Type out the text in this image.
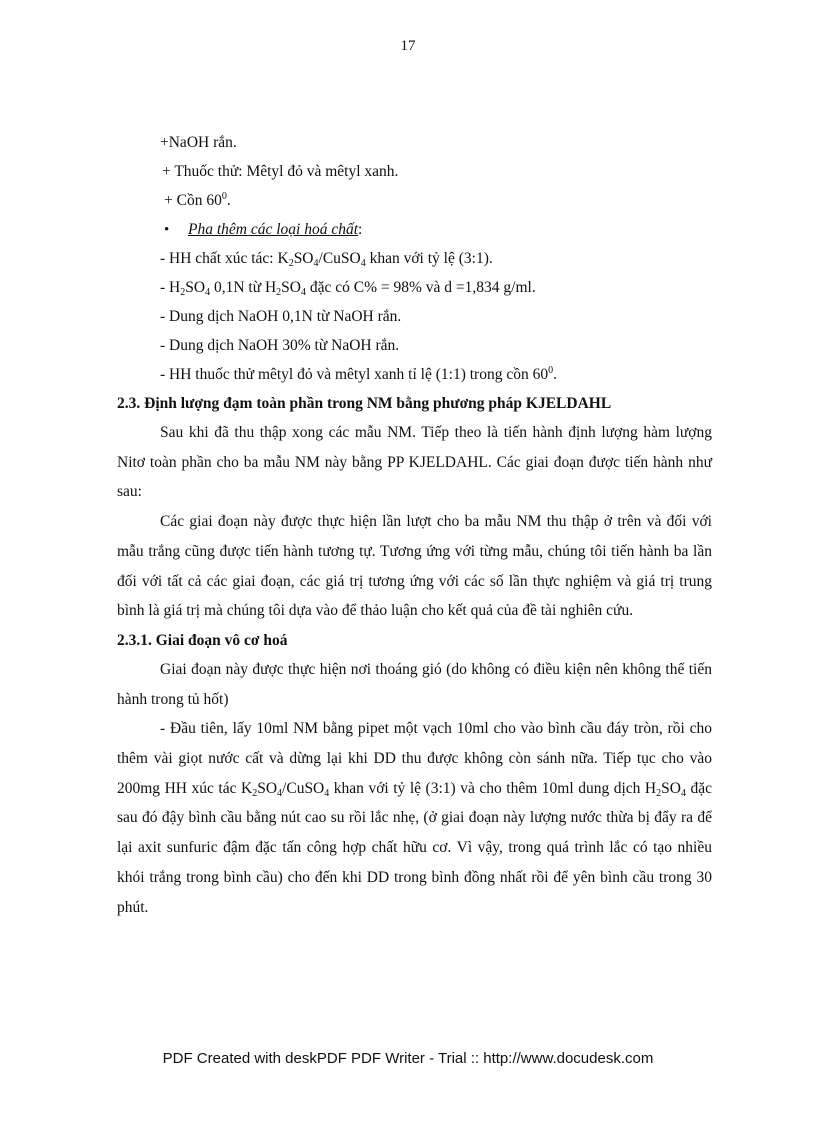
17
+NaOH rắn.
+ Thuốc thử: Mêtyl đỏ và mêtyl xanh.
+ Cồn $60^0$.
• Pha thêm các loại hoá chất:
- HH chất xúc tác: $K_2SO_4/CuSO_4$ khan với tỷ lệ (3:1).
- $H_2SO_4$ 0,1N từ $H_2SO_4$ đặc có C% = 98% và d =1,834 g/ml.
- Dung dịch NaOH 0,1N từ NaOH rắn.
- Dung dịch NaOH 30% từ NaOH rắn.
- HH thuốc thử mêtyl đỏ và mêtyl xanh tỉ lệ (1:1) trong cồn $60^0$.
2.3. Định lượng đạm toàn phần trong NM bằng phương pháp KJELDAHL

Sau khi đã thu thập xong các mẫu NM. Tiếp theo là tiến hành định lượng hàm lượng Nitơ toàn phần cho ba mẫu NM này bằng PP KJELDAHL. Các giai đoạn được tiến hành như sau:

Các giai đoạn này được thực hiện lần lượt cho ba mẫu NM thu thập ở trên và đối với mẫu trắng cũng được tiến hành tương tự. Tương ứng với từng mẫu, chúng tôi tiến hành ba lần đối với tất cả các giai đoạn, các giá trị tương ứng với các số lần thực nghiệm và giá trị trung bình là giá trị mà chúng tôi dựa vào để thảo luận cho kết quả của đề tài nghiên cứu.

2.3.1. Giai đoạn vô cơ hoá

Giai đoạn này được thực hiện nơi thoáng gió (do không có điều kiện nên không thể tiến hành trong tủ hốt)

- Đầu tiên, lấy 10ml NM bằng pipet một vạch 10ml cho vào bình cầu đáy tròn, rồi cho thêm vài giọt nước cất và dừng lại khi DD thu được không còn sánh nữa. Tiếp tục cho vào 200mg HH xúc tác $K_2SO_4/CuSO_4$ khan với tỷ lệ (3:1) và cho thêm 10ml dung dịch $H_2SO_4$ đặc sau đó đậy bình cầu bằng nút cao su rồi lắc nhẹ, (ở giai đoạn này lượng nước thừa bị đẩy ra để lại axit sunfuric đậm đặc tấn công hợp chất hữu cơ. Vì vậy, trong quá trình lắc có tạo nhiều khói trắng trong bình cầu) cho đến khi DD trong bình đồng nhất rồi để yên bình cầu trong 30 phút.

PDF Created with deskPDF PDF Writer - Trial :: http://www.docudesk.com
